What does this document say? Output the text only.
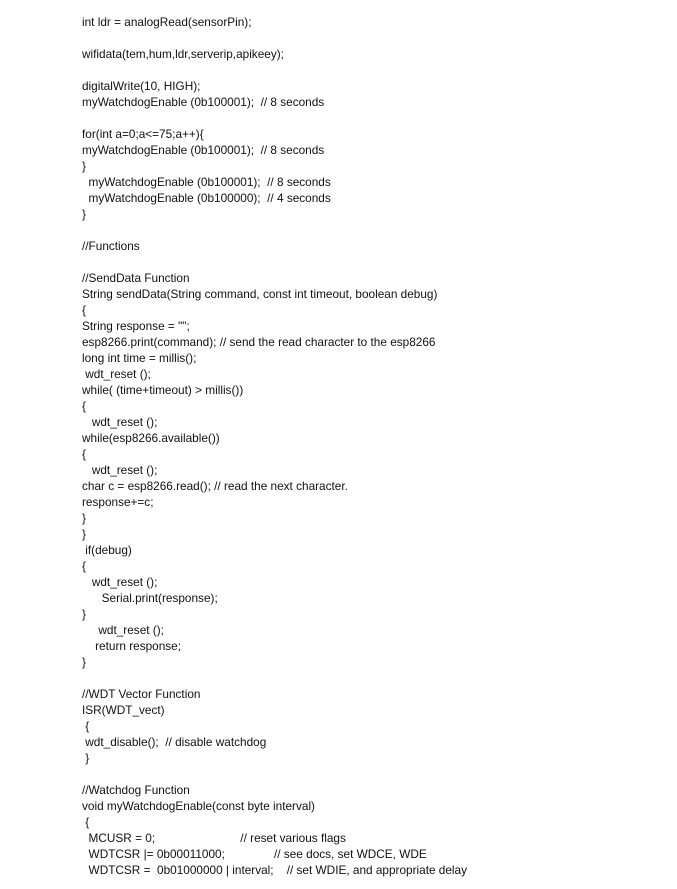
int ldr = analogRead(sensorPin);

wifidata(tem,hum,ldr,serverip,apikeey);

digitalWrite(10, HIGH);

myWatchdogEnable (0b100001);  // 8 seconds

for(int a=0;a<=75;a++){

myWatchdogEnable (0b100001);  // 8 seconds

}

myWatchdogEnable (0b100001);  // 8 seconds

myWatchdogEnable (0b100000);  // 4 seconds

}

//Functions

//SendData Function

String sendData(String command, const int timeout, boolean debug)

{

String response = "";

esp8266.print(command); // send the read character to the esp8266

long int time = millis();

wdt_reset ();

while( (time+timeout) > millis())

{

wdt_reset ();

while(esp8266.available())

{

wdt_reset ();

char c = esp8266.read(); // read the next character.

response+=c;

}

}

if(debug)

{

wdt_reset ();

Serial.print(response);

}

wdt_reset ();

return response;

}

//WDT Vector Function

ISR(WDT_vect)

{

wdt_disable();  // disable watchdog

}

//Watchdog Function

void myWatchdogEnable(const byte interval)

{

MCUSR = 0;                          // reset various flags

WDTCSR |= 0b00011000;               // see docs, set WDCE, WDE

WDTCSR =  0b01000000 | interval;    // set WDIE, and appropriate delay
